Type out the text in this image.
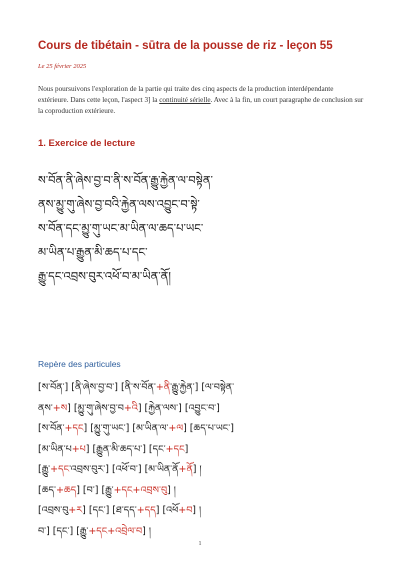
Cours de tibétain - sūtra de la pousse de riz - leçon 55
Le 25 février 2025
Nous poursuivons l'exploration de la partie qui traite des cinq aspects de la production interdépendante extérieure. Dans cette leçon, l'aspect 3] la continuité sérielle. Avec à la fin, un court paragraphe de conclusion sur la coproduction extérieure.
1. Exercice de lecture
ས་བོན་ནི་ཞེས་བྱ་བ་ནི་ས་བོན་རྒྱུ་རྐྱེན་ལ་བསྟེན་
ནས་མྱུ་གུ་ཞེས་བྱ་བའི་རྐྱེན་ལས་འབྱུང་བ་སྟེ་
ས་བོན་དང་མྱུ་གུ་ཡང་མ་ཡིན་ལ་ཆད་པ་ཡང་
མ་ཡིན་པ་རྒྱུན་མི་ཆད་པ་དང་
རྒྱུ་དང་འབྲས་བུར་འཕོ་བ་མ་ཡིན་ནོ།
Repère des particules
[ས་བོན་] [ནི་ཞེས་བྱ་བ་] [ནི་ས་བོན་+ནི་རྒྱུ་རྐྱེན་] [ལ་བསྟེན་
ནས་+ས] [མྱུ་གུ་ཞེས་བྱ་བ+འི] [རྐྱེན་ལས་] [འབྱུང་བ་]
[ས་བོན་+དང] [མྱུ་གུ་ཡང་] [མ་ཡིན་ལ་+ལ] [ཆད་པ་ཡང་]
[མ་ཡིན་པ+པ] [རྒྱུན་མི་ཆད་པ་] [དང་+དང]
[རྒྱུ་+དང་འབྲས་བུར་] [འཕོ་བ་] [མ་ཡིན་ནོ+ནོ] །
[ཆད་+ཆད] [བ་] [རྒྱུ་+དང+འབྲས་བུ] །
[འབྲས་བུ+ར] [དང་] [ཐ་དད་+དད] [འཕོ+བ] །
བ་] [དང་] [རྒྱུ་+དང+འབྲེལ་བ] །
1
